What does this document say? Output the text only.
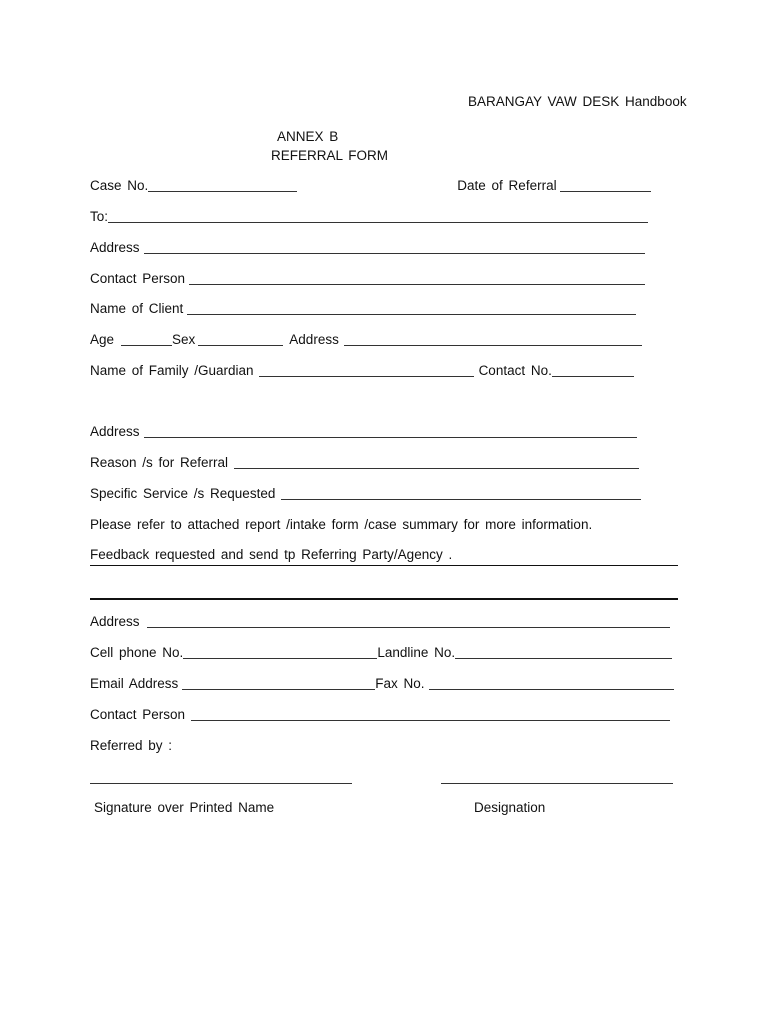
BARANGAY VAW DESK Handbook
ANNEX B
REFERRAL FORM
Case No.	Date of Referral
To:
Address
Contact Person
Name of Client
Age	Sex	Address
Name of Family /Guardian	Contact No.
Address
Reason /s for Referral
Specific Service /s Requested
Please refer to attached report /intake form /case summary for more information.
Feedback requested and send tp Referring Party/Agency .
Address
Cell phone No.	Landline No.
Email Address	Fax No.
Contact Person
Referred by :
Signature over Printed Name	Designation
